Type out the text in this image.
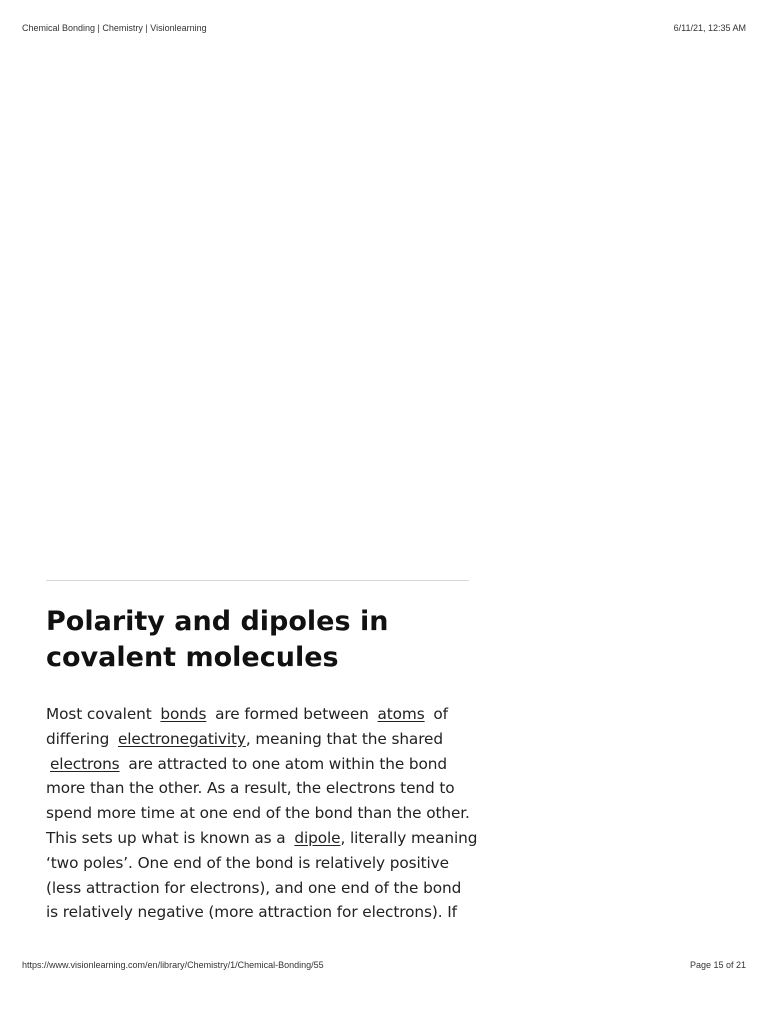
Chemical Bonding | Chemistry | Visionlearning	6/11/21, 12:35 AM
Polarity and dipoles in
covalent molecules

Most covalent bonds are formed between atoms of
differing electronegativity, meaning that the shared
electrons are attracted to one atom within the bond
more than the other. As a result, the electrons tend to
spend more time at one end of the bond than the other.
This sets up what is known as a dipole, literally meaning
‘two poles’. One end of the bond is relatively positive
(less attraction for electrons), and one end of the bond
is relatively negative (more attraction for electrons). If

https://www.visionlearning.com/en/library/Chemistry/1/Chemical-Bonding/55	Page 15 of 21
